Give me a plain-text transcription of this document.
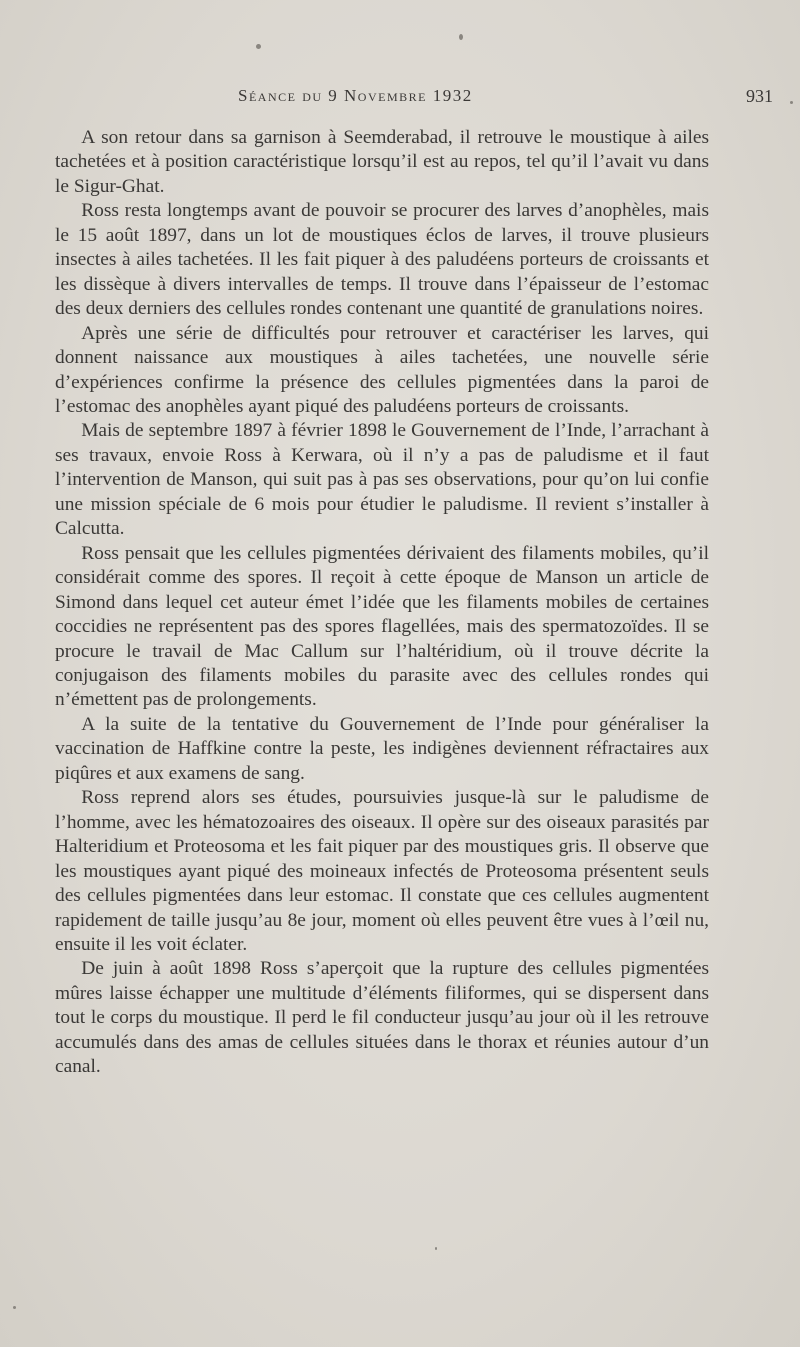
Séance du 9 Novembre 1932	931

A son retour dans sa garnison à Seemderabad, il retrouve le moustique à ailes tachetées et à position caractéristique lorsqu’il est au repos, tel qu’il l’avait vu dans le Sigur-Ghat.

Ross resta longtemps avant de pouvoir se procurer des larves d’anophèles, mais le 15 août 1897, dans un lot de moustiques éclos de larves, il trouve plusieurs insectes à ailes tachetées. Il les fait piquer à des paludéens porteurs de croissants et les dissèque à divers intervalles de temps. Il trouve dans l’épaisseur de l’estomac des deux derniers des cellules rondes contenant une quantité de granulations noires.

Après une série de difficultés pour retrouver et caractériser les larves, qui donnent naissance aux moustiques à ailes tachetées, une nouvelle série d’expériences confirme la présence des cellules pigmentées dans la paroi de l’estomac des anophèles ayant piqué des paludéens porteurs de croissants.

Mais de septembre 1897 à février 1898 le Gouvernement de l’Inde, l’arrachant à ses travaux, envoie Ross à Kerwara, où il n’y a pas de paludisme et il faut l’intervention de Manson, qui suit pas à pas ses observations, pour qu’on lui confie une mission spéciale de 6 mois pour étudier le paludisme. Il revient s’installer à Calcutta.

Ross pensait que les cellules pigmentées dérivaient des filaments mobiles, qu’il considérait comme des spores. Il reçoit à cette époque de Manson un article de Simond dans lequel cet auteur émet l’idée que les filaments mobiles de certaines coccidies ne représentent pas des spores flagellées, mais des spermatozoïdes. Il se procure le travail de Mac Callum sur l’haltéridium, où il trouve décrite la conjugaison des filaments mobiles du parasite avec des cellules rondes qui n’émettent pas de prolongements.

A la suite de la tentative du Gouvernement de l’Inde pour généraliser la vaccination de Haffkine contre la peste, les indigènes deviennent réfractaires aux piqûres et aux examens de sang.

Ross reprend alors ses études, poursuivies jusque-là sur le paludisme de l’homme, avec les hématozoaires des oiseaux. Il opère sur des oiseaux parasités par Halteridium et Proteosoma et les fait piquer par des moustiques gris. Il observe que les moustiques ayant piqué des moineaux infectés de Proteosoma présentent seuls des cellules pigmentées dans leur estomac. Il constate que ces cellules augmentent rapidement de taille jusqu’au 8e jour, moment où elles peuvent être vues à l’œil nu, ensuite il les voit éclater.

De juin à août 1898 Ross s’aperçoit que la rupture des cellules pigmentées mûres laisse échapper une multitude d’éléments filiformes, qui se dispersent dans tout le corps du moustique. Il perd le fil conducteur jusqu’au jour où il les retrouve accumulés dans des amas de cellules situées dans le thorax et réunies autour d’un canal.
